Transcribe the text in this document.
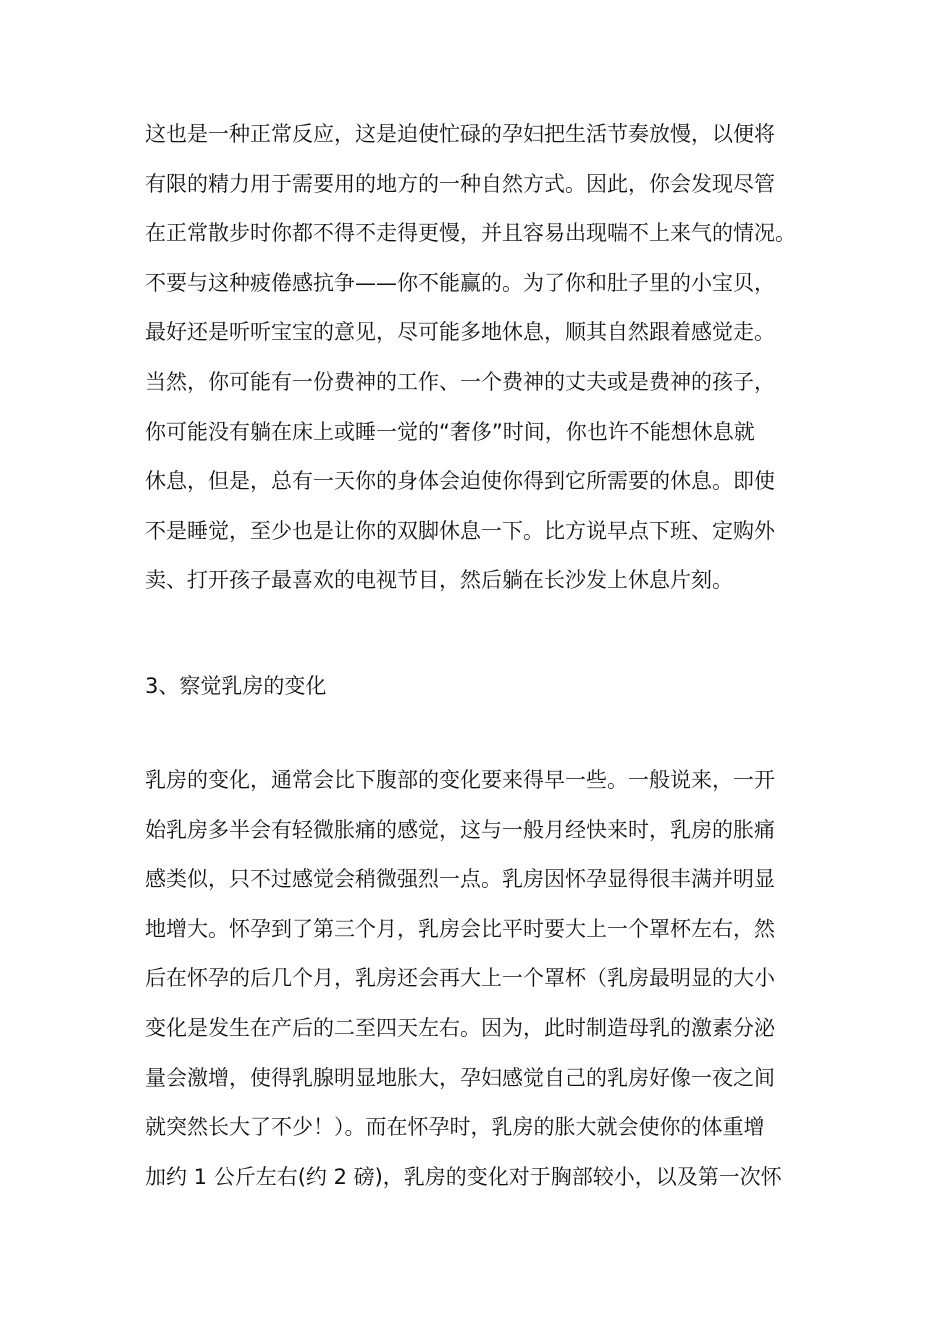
这也是一种正常反应，这是迫使忙碌的孕妇把生活节奏放慢，以便将
有限的精力用于需要用的地方的一种自然方式。因此，你会发现尽管
在正常散步时你都不得不走得更慢，并且容易出现喘不上来气的情况。
不要与这种疲倦感抗争——你不能赢的。为了你和肚子里的小宝贝，
最好还是听听宝宝的意见，尽可能多地休息，顺其自然跟着感觉走。
当然，你可能有一份费神的工作、一个费神的丈夫或是费神的孩子，
你可能没有躺在床上或睡一觉的“奢侈”时间，你也许不能想休息就
休息，但是，总有一天你的身体会迫使你得到它所需要的休息。即使
不是睡觉，至少也是让你的双脚休息一下。比方说早点下班、定购外
卖、打开孩子最喜欢的电视节目，然后躺在长沙发上休息片刻。
3、察觉乳房的变化
乳房的变化，通常会比下腹部的变化要来得早一些。一般说来，一开
始乳房多半会有轻微胀痛的感觉，这与一般月经快来时，乳房的胀痛
感类似，只不过感觉会稍微强烈一点。乳房因怀孕显得很丰满并明显
地增大。怀孕到了第三个月，乳房会比平时要大上一个罩杯左右，然
后在怀孕的后几个月，乳房还会再大上一个罩杯（乳房最明显的大小
变化是发生在产后的二至四天左右。因为，此时制造母乳的激素分泌
量会激增，使得乳腺明显地胀大，孕妇感觉自己的乳房好像一夜之间
就突然长大了不少！）。而在怀孕时，乳房的胀大就会使你的体重增
加约 1 公斤左右(约 2 磅)，乳房的变化对于胸部较小，以及第一次怀
